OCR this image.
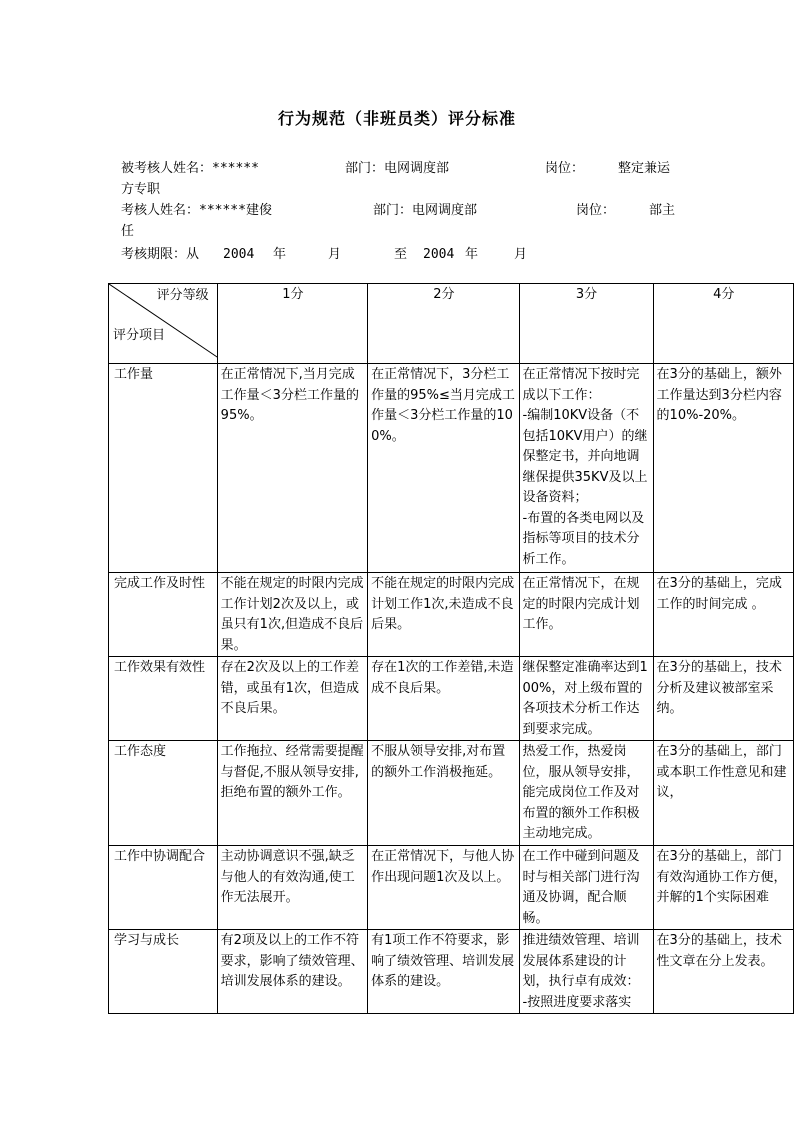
行为规范（非班员类）评分标准
被考核人姓名：******	部门：电网调度部	岗位：	整定兼运
方专职
考核人姓名：******建俊	部门：电网调度部	岗位：	部主
任
考核期限：从 2004 年	月	至 2004 年	月
评分等级
评分项目	1分	2分	3分	4分
工作量	在正常情况下,当月完成工作量＜3分栏工作量的95%。	在正常情况下，3分栏工作量的95%≤当月完成工作量＜3分栏工作量的100%。	在正常情况下按时完成以下工作：
-编制10KV设备（不包括10KV用户）的继保整定书，并向地调继保提供35KV及以上设备资料；
-布置的各类电网以及指标等项目的技术分析工作。	在3分的基础上，额外工作量达到3分栏内容的10%-20%。
完成工作及时性	不能在规定的时限内完成工作计划2次及以上，或虽只有1次,但造成不良后果。	不能在规定的时限内完成计划工作1次,未造成不良后果。	在正常情况下，在规定的时限内完成计划工作。	在3分的基础上，完成工作的时间完成 。
工作效果有效性	存在2次及以上的工作差错，或虽有1次，但造成不良后果。	存在1次的工作差错,未造成不良后果。	继保整定准确率达到100%，对上级布置的各项技术分析工作达到要求完成。	在3分的基础上，技术分析及建议被部室采纳。
工作态度	工作拖拉、经常需要提醒与督促,不服从领导安排,拒绝布置的额外工作。	不服从领导安排,对布置的额外工作消极拖延。	热爱工作，热爱岗位，服从领导安排，能完成岗位工作及对布置的额外工作积极主动地完成。	在3分的基础上，部门或本职工作性意见和建议，
工作中协调配合	主动协调意识不强,缺乏与他人的有效沟通,使工作无法展开。	在正常情况下，与他人协作出现问题1次及以上。	在工作中碰到问题及时与相关部门进行沟通及协调，配合顺畅。	在3分的基础上，部门有效沟通协工作方便，并解的1个实际困难
学习与成长	有2项及以上的工作不符要求，影响了绩效管理、培训发展体系的建设。	有1项工作不符要求，影响了绩效管理、培训发展体系的建设。	推进绩效管理、培训发展体系建设的计划，执行卓有成效：
-按照进度要求落实	在3分的基础上，技术性文章在分上发表。
